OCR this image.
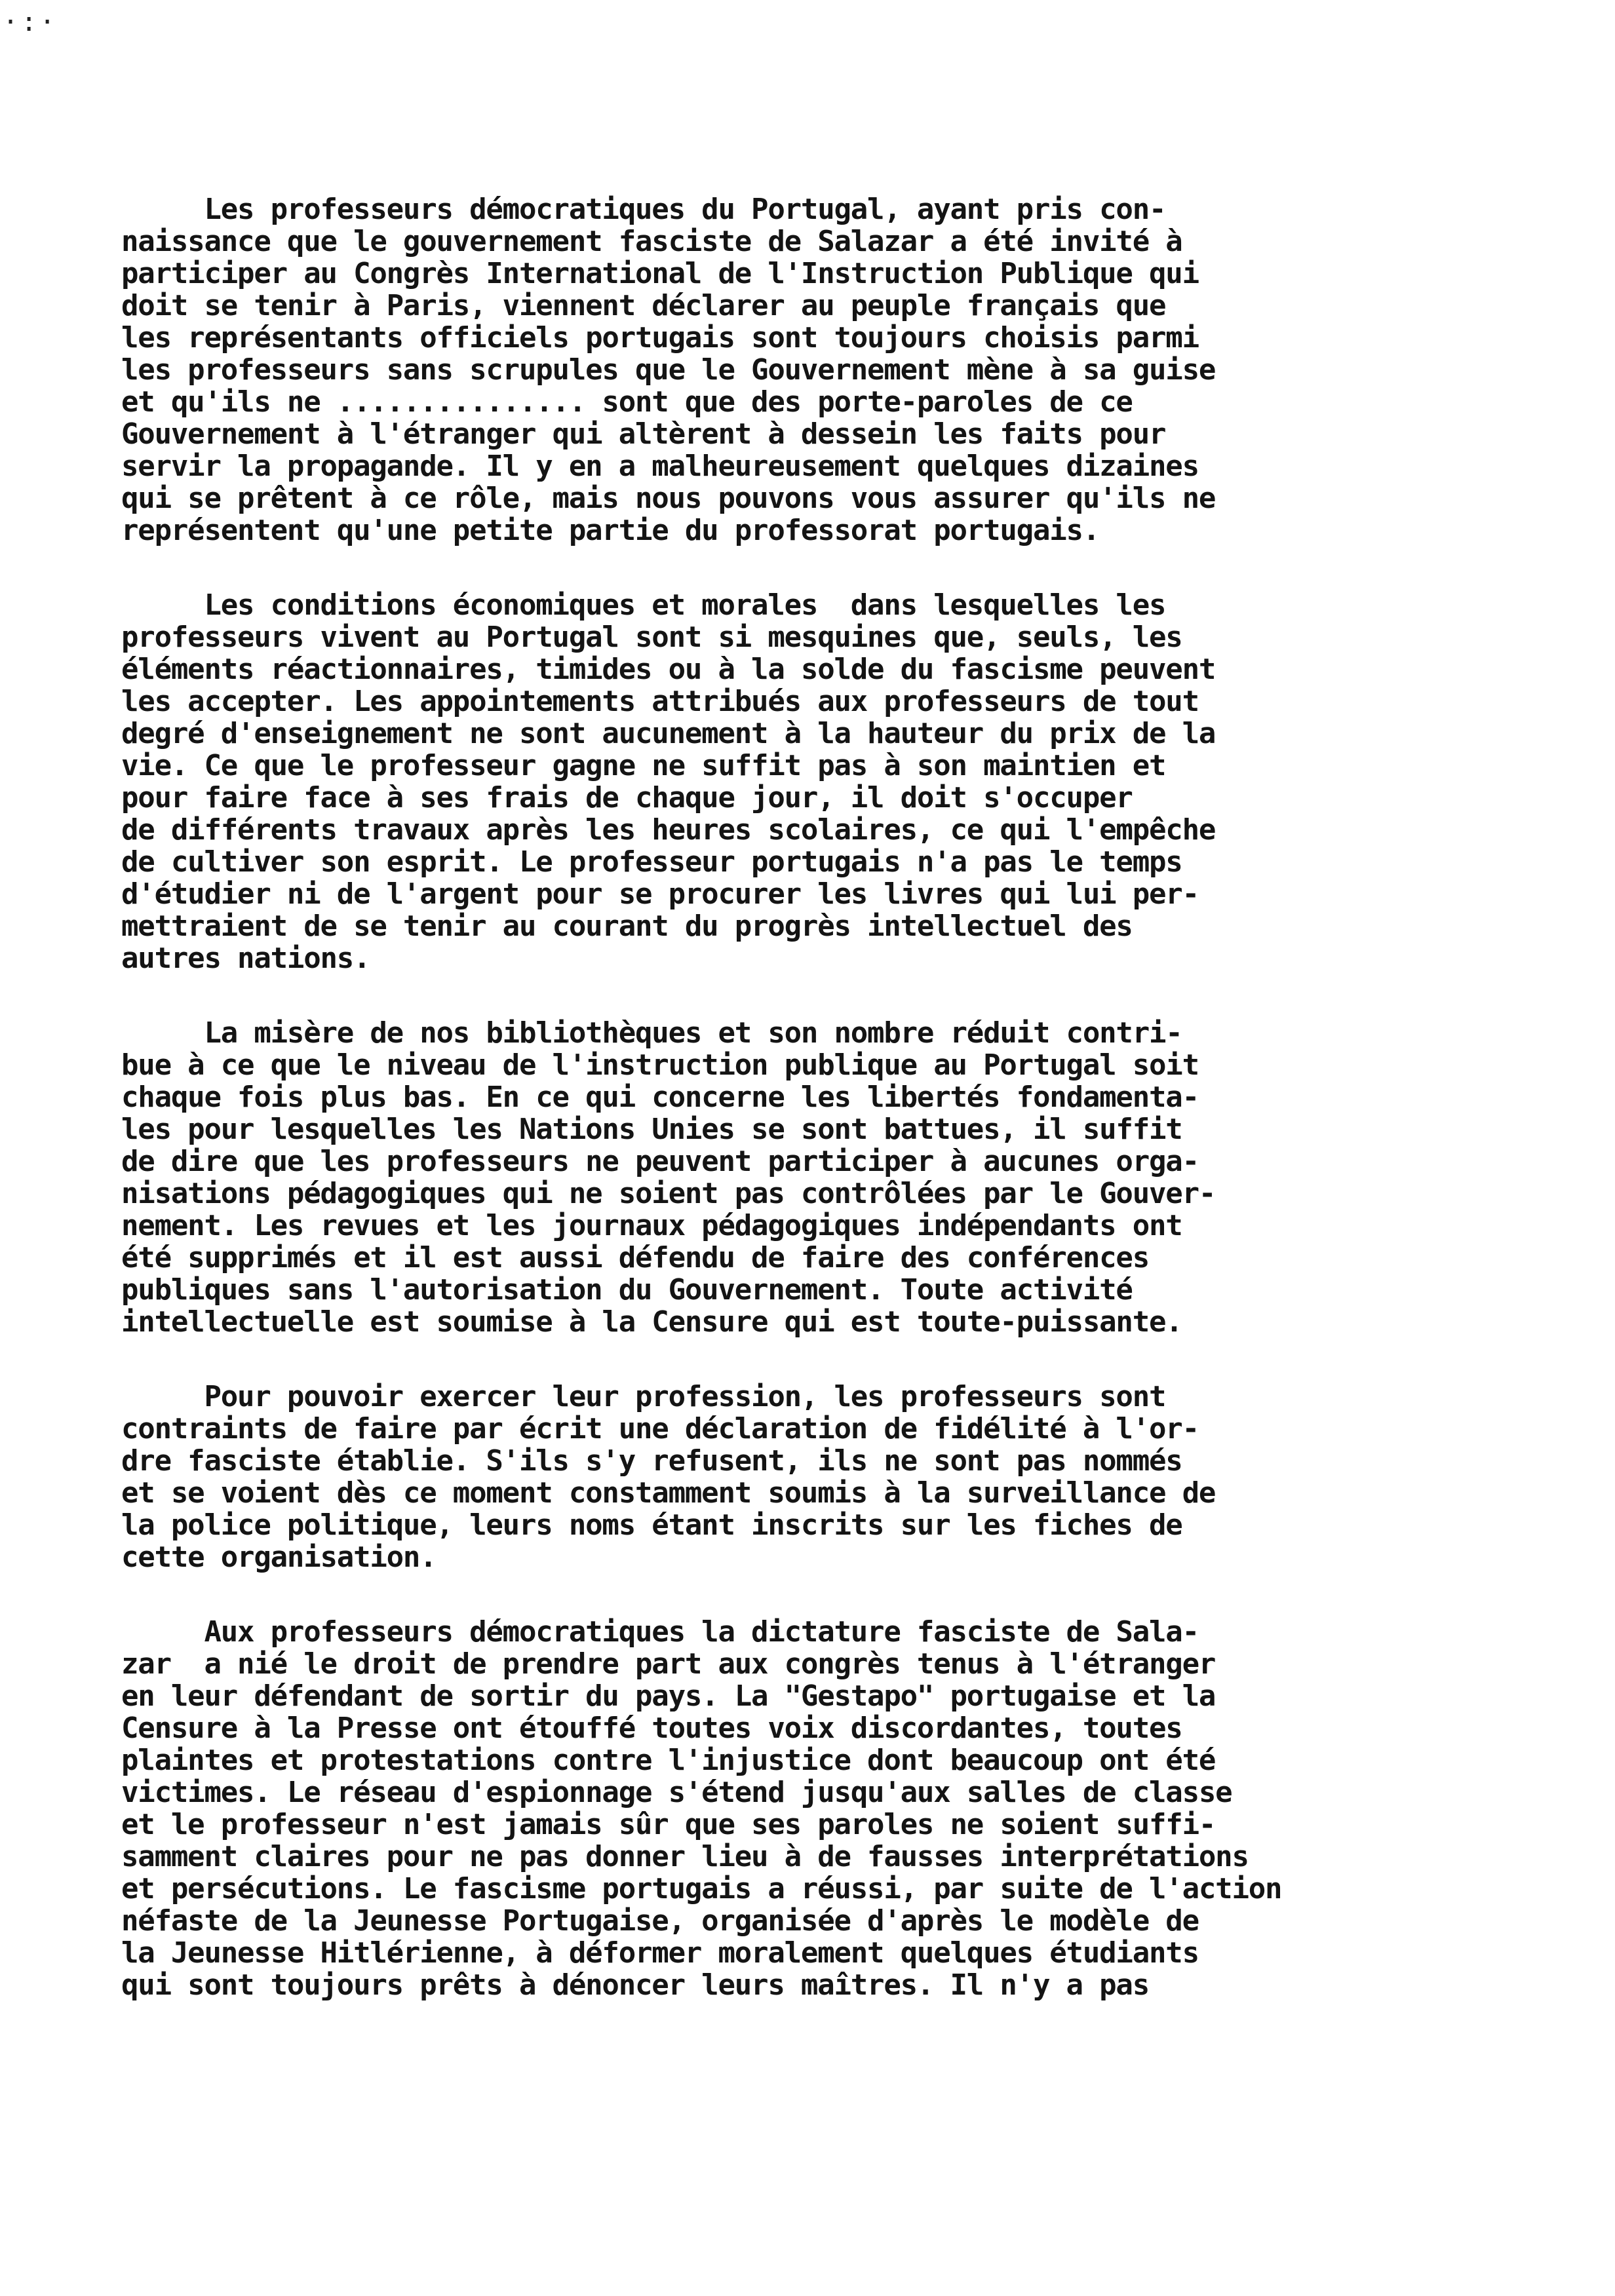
·:·
Les professeurs démocratiques du Portugal, ayant pris con-
naissance que le gouvernement fasciste de Salazar a été invité à
participer au Congrès International de l'Instruction Publique qui
doit se tenir à Paris, viennent déclarer au peuple français que
les représentants officiels portugais sont toujours choisis parmi
les professeurs sans scrupules que le Gouvernement mène à sa guise
et qu'ils ne ............... sont que des porte-paroles de ce
Gouvernement à l'étranger qui altèrent à dessein les faits pour
servir la propagande. Il y en a malheureusement quelques dizaines
qui se prêtent à ce rôle, mais nous pouvons vous assurer qu'ils ne
représentent qu'une petite partie du professorat portugais.
Les conditions économiques et morales  dans lesquelles les
professeurs vivent au Portugal sont si mesquines que, seuls, les
éléments réactionnaires, timides ou à la solde du fascisme peuvent
les accepter. Les appointements attribués aux professeurs de tout
degré d'enseignement ne sont aucunement à la hauteur du prix de la
vie. Ce que le professeur gagne ne suffit pas à son maintien et
pour faire face à ses frais de chaque jour, il doit s'occuper
de différents travaux après les heures scolaires, ce qui l'empêche
de cultiver son esprit. Le professeur portugais n'a pas le temps
d'étudier ni de l'argent pour se procurer les livres qui lui per-
mettraient de se tenir au courant du progrès intellectuel des
autres nations.
La misère de nos bibliothèques et son nombre réduit contri-
bue à ce que le niveau de l'instruction publique au Portugal soit
chaque fois plus bas. En ce qui concerne les libertés fondamenta-
les pour lesquelles les Nations Unies se sont battues, il suffit
de dire que les professeurs ne peuvent participer à aucunes orga-
nisations pédagogiques qui ne soient pas contrôlées par le Gouver-
nement. Les revues et les journaux pédagogiques indépendants ont
été supprimés et il est aussi défendu de faire des conférences
publiques sans l'autorisation du Gouvernement. Toute activité
intellectuelle est soumise à la Censure qui est toute-puissante.
Pour pouvoir exercer leur profession, les professeurs sont
contraints de faire par écrit une déclaration de fidélité à l'or-
dre fasciste établie. S'ils s'y refusent, ils ne sont pas nommés
et se voient dès ce moment constamment soumis à la surveillance de
la police politique, leurs noms étant inscrits sur les fiches de
cette organisation.
Aux professeurs démocratiques la dictature fasciste de Sala-
zar  a nié le droit de prendre part aux congrès tenus à l'étranger
en leur défendant de sortir du pays. La "Gestapo" portugaise et la
Censure à la Presse ont étouffé toutes voix discordantes, toutes
plaintes et protestations contre l'injustice dont beaucoup ont été
victimes. Le réseau d'espionnage s'étend jusqu'aux salles de classe
et le professeur n'est jamais sûr que ses paroles ne soient suffi-
samment claires pour ne pas donner lieu à de fausses interprétations
et persécutions. Le fascisme portugais a réussi, par suite de l'action
néfaste de la Jeunesse Portugaise, organisée d'après le modèle de
la Jeunesse Hitlérienne, à déformer moralement quelques étudiants
qui sont toujours prêts à dénoncer leurs maîtres. Il n'y a pas
